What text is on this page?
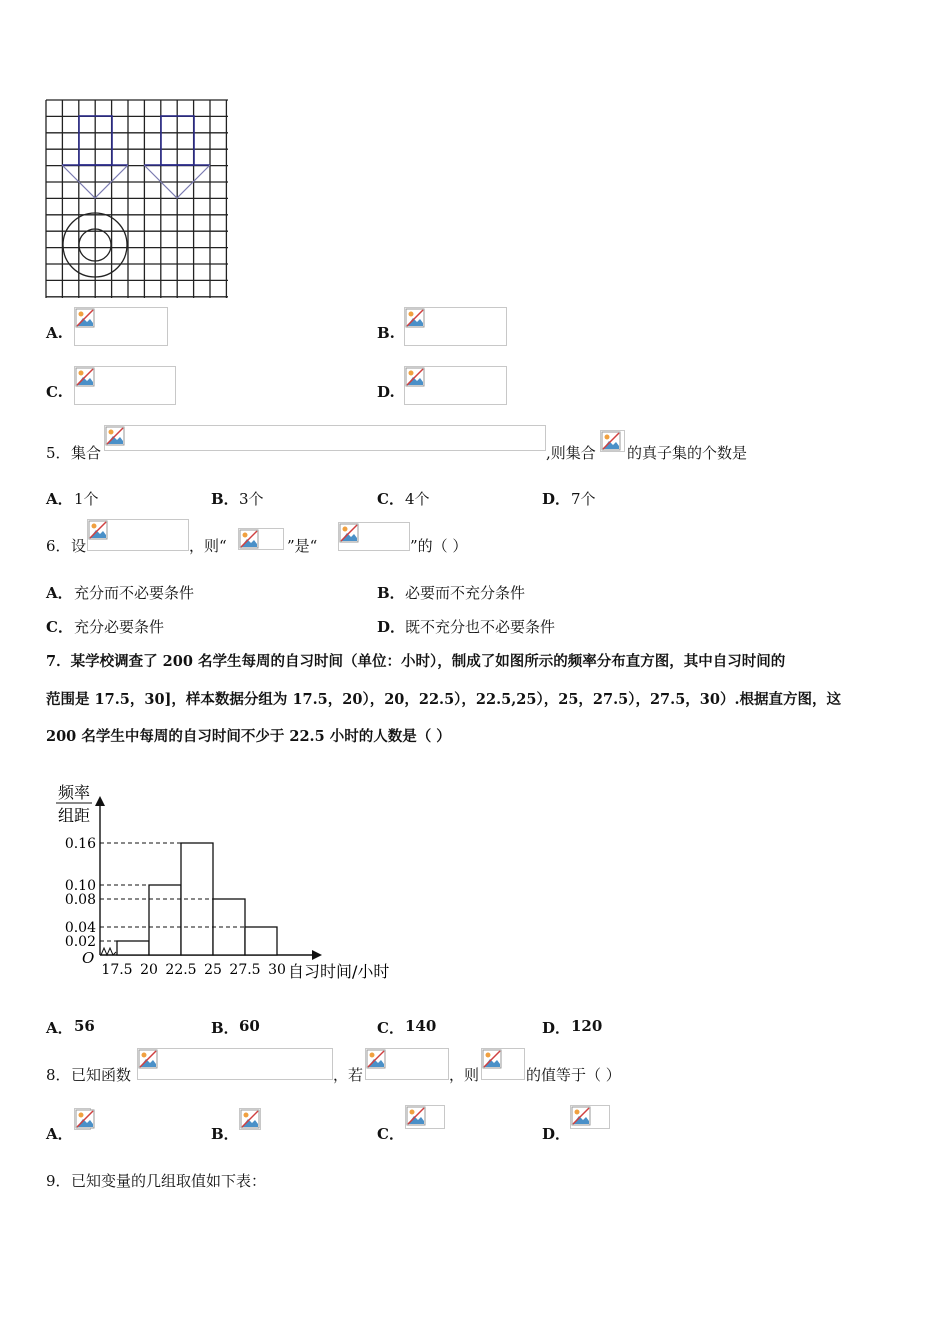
A.	B.
C.	D.
5． 集合	,则集合 的真子集的个数是
A． 1个	B． 3个	C． 4个	D． 7个
6． 设	，则“	”是“	”的（ ）
A． 充分而不必要条件	B． 必要而不充分条件
C． 充分必要条件	D． 既不充分也不必要条件
7．某学校调查了 200 名学生每周的自习时间（单位：小时），制成了如图所示的频率分布直方图，其中自习时间的
范围是 17.5，30]，样本数据分组为 17.5，20），20，22.5），22.5,25），25，27.5），27.5，30）.根据直方图，这
200 名学生中每周的自习时间不少于 22.5 小时的人数是（ ）
频率
组距
O
自习时间/小时
0.16
0.10
0.08
0.04
0.02
17.5 20 22.5 25 27.5 30
A． 56	B． 60	C． 140	D． 120
8． 已知函数	，若	，则	的值等于（ ）
A．	B．	C．	D．
9． 已知变量的几组取值如下表：
